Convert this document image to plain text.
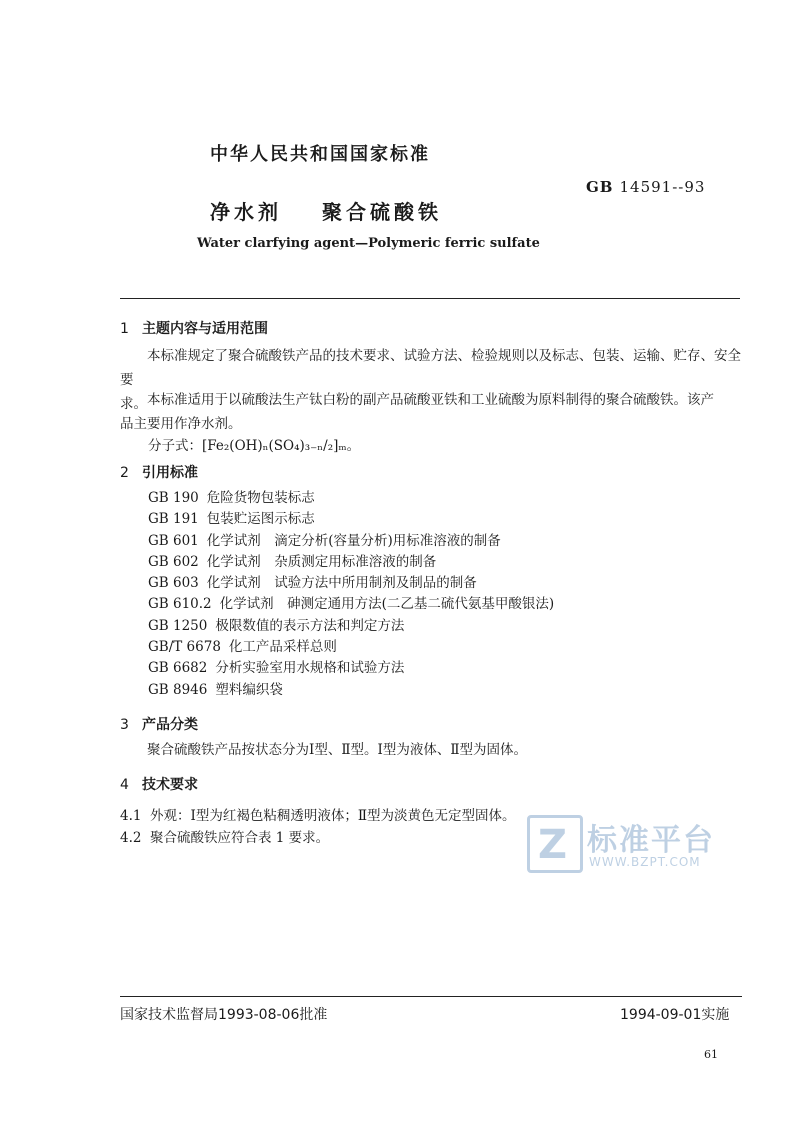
中华人民共和国国家标准
GB 14591--93
净水剂 聚合硫酸铁
Water clarfying agent—Polymeric ferric sulfate
1 主题内容与适用范围
本标准规定了聚合硫酸铁产品的技术要求、试验方法、检验规则以及标志、包装、运输、贮存、安全要
求。 本标准适用于以硫酸法生产钛白粉的副产品硫酸亚铁和工业硫酸为原料制得的聚合硫酸铁。该产
品主要用作净水剂。
分子式：[Fe₂(OH)ₙ(SO₄)₃₋ₙ/₂]ₘ。
2 引用标准
GB 190 危险货物包装标志
GB 191 包装贮运图示标志
GB 601 化学试剂　滴定分析(容量分析)用标准溶液的制备
GB 602 化学试剂　杂质测定用标准溶液的制备
GB 603 化学试剂　试验方法中所用制剂及制品的制备
GB 610.2 化学试剂　砷测定通用方法(二乙基二硫代氨基甲酸银法)
GB 1250 极限数值的表示方法和判定方法
GB/T 6678 化工产品采样总则
GB 6682 分析实验室用水规格和试验方法
GB 8946 塑料编织袋
3 产品分类
聚合硫酸铁产品按状态分为Ⅰ型、Ⅱ型。Ⅰ型为液体、Ⅱ型为固体。
4 技术要求
4.1 外观：Ⅰ型为红褐色粘稠透明液体；Ⅱ型为淡黄色无定型固体。
4.2 聚合硫酸铁应符合表 1 要求。	Z 标准平台
WWW.BZPT.COM
国家技术监督局1993-08-06批准	1994-09-01实施
61
